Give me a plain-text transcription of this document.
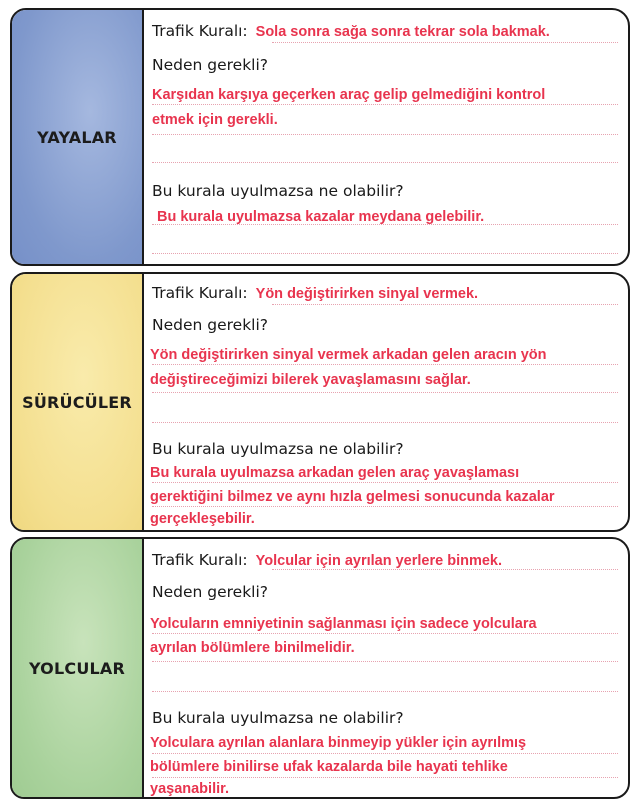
YAYALAR
Trafik Kuralı: Sola sonra sağa sonra tekrar sola bakmak.
Neden gerekli?
Karşıdan karşıya geçerken araç gelip gelmediğini kontrol
etmek için gerekli.
Bu kurala uyulmazsa ne olabilir?
Bu kurala uyulmazsa kazalar meydana gelebilir.
SÜRÜCÜLER
Trafik Kuralı: Yön değiştirirken sinyal vermek.
Neden gerekli?
Yön değiştirirken sinyal vermek arkadan gelen aracın yön
değiştireceğimizi bilerek yavaşlamasını sağlar.
Bu kurala uyulmazsa ne olabilir?
Bu kurala uyulmazsa arkadan gelen araç yavaşlaması
gerektiğini bilmez ve aynı hızla gelmesi sonucunda kazalar
gerçekleşebilir.
YOLCULAR
Trafik Kuralı: Yolcular için ayrılan yerlere binmek.
Neden gerekli?
Yolcuların emniyetinin sağlanması için sadece yolculara
ayrılan bölümlere binilmelidir.
Bu kurala uyulmazsa ne olabilir?
Yolculara ayrılan alanlara binmeyip yükler için ayrılmış
bölümlere binilirse ufak kazalarda bile hayati tehlike
yaşanabilir.
